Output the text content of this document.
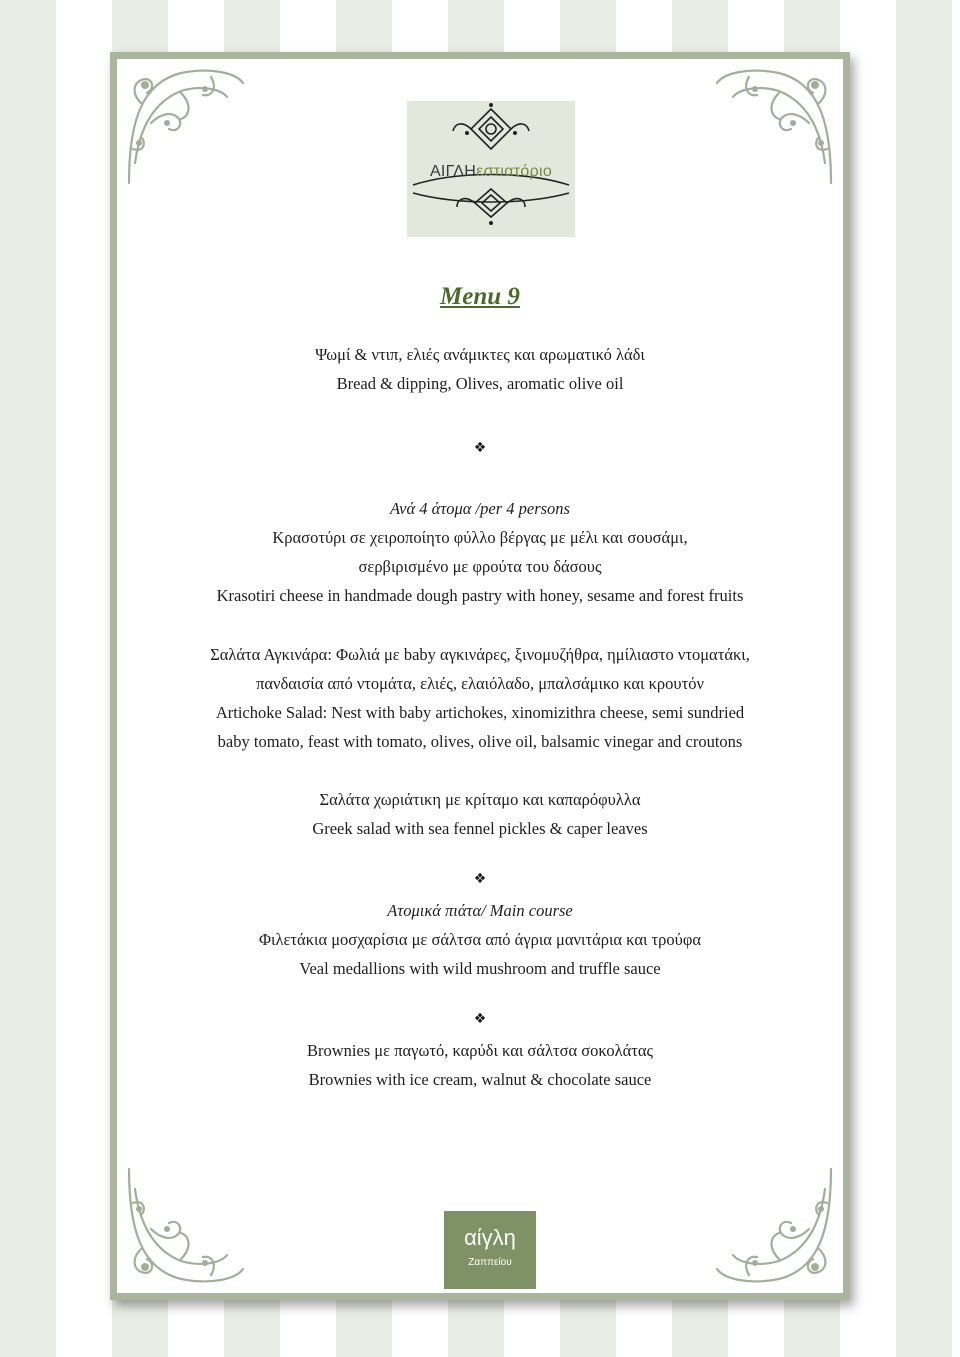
ΑΙΓΛΗεστιατόριο
Menu 9
Ψωμί & ντιπ, ελιές ανάμικτες και αρωματικό λάδι
Bread & dipping, Olives, aromatic olive oil
❖
Ανά 4 άτομα /per 4 persons
Κρασοτύρι σε χειροποίητο φύλλο βέργας με μέλι και σουσάμι,
σερβιρισμένο με φρούτα του δάσους
Krasotiri cheese in handmade dough pastry with honey, sesame and forest fruits
Σαλάτα Αγκινάρα: Φωλιά με baby αγκινάρες, ξινομυζήθρα, ημίλιαστο ντοματάκι,
πανδαισία από ντομάτα, ελιές, ελαιόλαδο, μπαλσάμικο και κρουτόν
Artichoke Salad: Nest with baby artichokes, xinomizithra cheese, semi sundried
baby tomato, feast with tomato, olives, olive oil, balsamic vinegar and croutons
Σαλάτα χωριάτικη με κρίταμο και καπαρόφυλλα
Greek salad with sea fennel pickles & caper leaves
❖
Ατομικά πιάτα/ Main course
Φιλετάκια μοσχαρίσια με σάλτσα από άγρια μανιτάρια και τρούφα
Veal medallions with wild mushroom and truffle sauce
❖
Brownies με παγωτό, καρύδι και σάλτσα σοκολάτας
Brownies with ice cream, walnut & chocolate sauce
αίγλη
Ζαππείου
